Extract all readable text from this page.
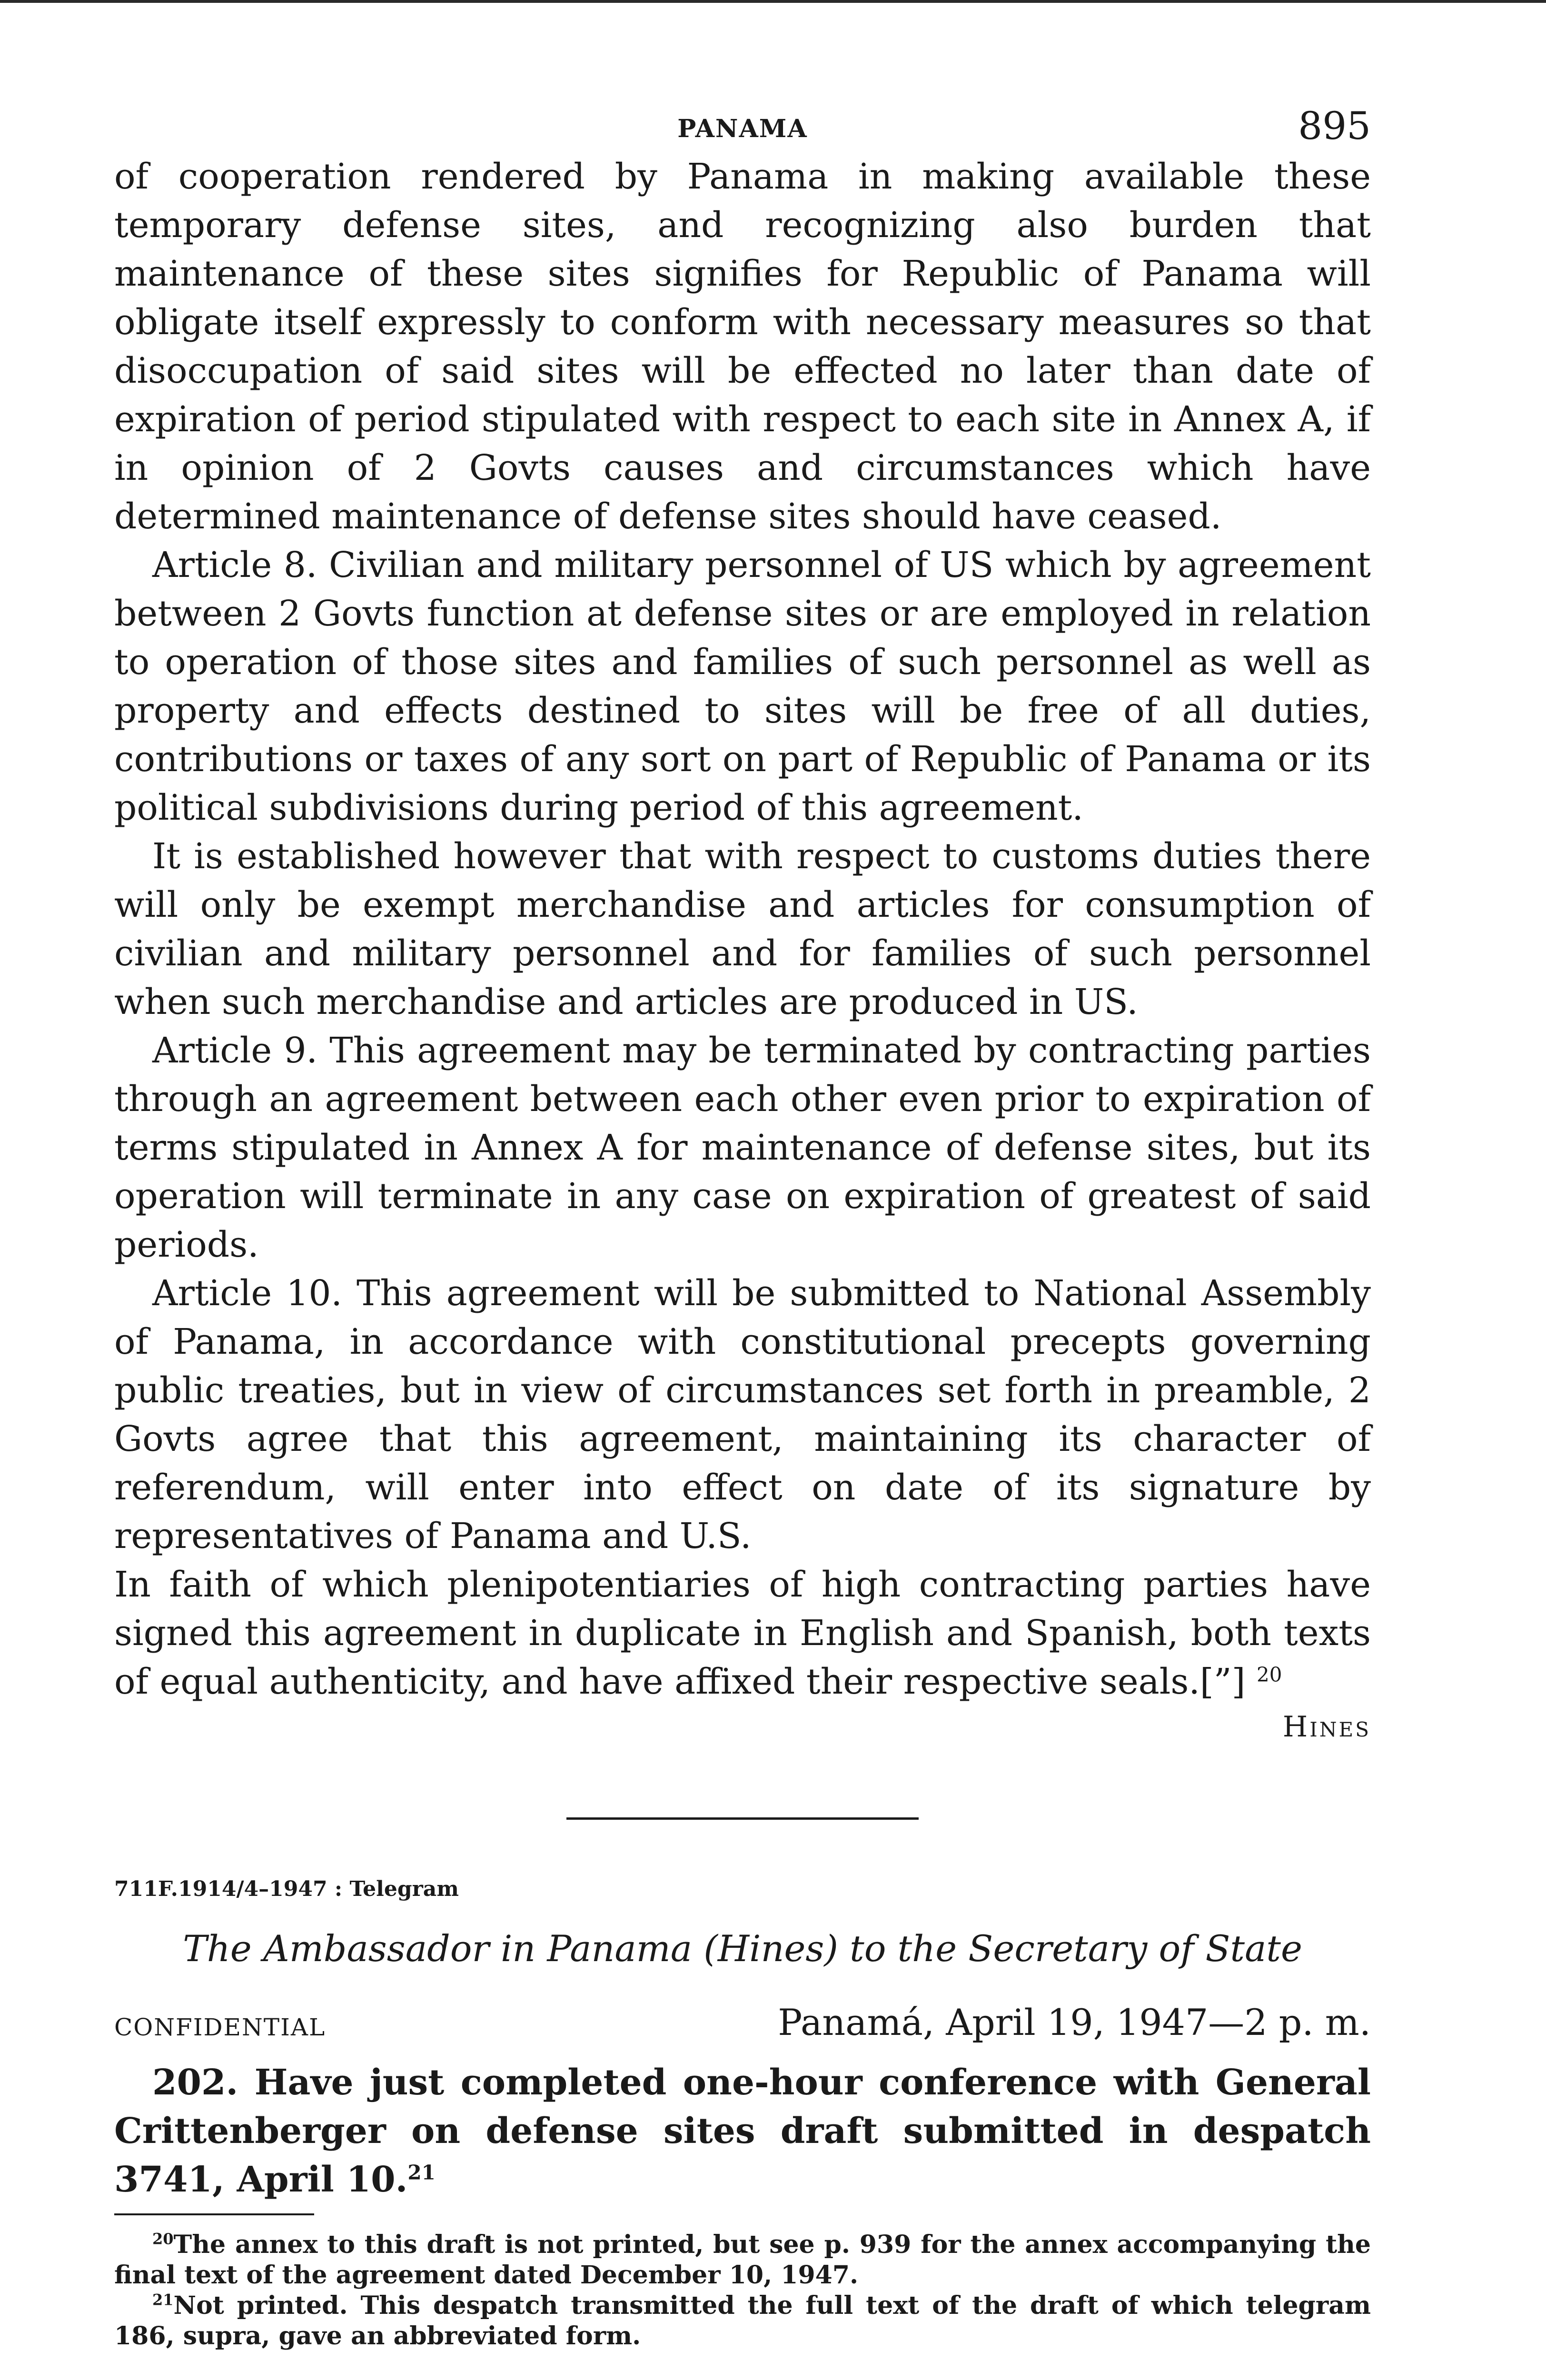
PANAMA	895

of cooperation rendered by Panama in making available these temporary defense sites, and recognizing also burden that maintenance of these sites signifies for Republic of Panama will obligate itself expressly to conform with necessary measures so that disoccupation of said sites will be effected no later than date of expiration of period stipulated with respect to each site in Annex A, if in opinion of 2 Govts causes and circumstances which have determined maintenance of defense sites should have ceased.

Article 8. Civilian and military personnel of US which by agreement between 2 Govts function at defense sites or are employed in relation to operation of those sites and families of such personnel as well as property and effects destined to sites will be free of all duties, contributions or taxes of any sort on part of Republic of Panama or its political subdivisions during period of this agreement.

It is established however that with respect to customs duties there will only be exempt merchandise and articles for consumption of civilian and military personnel and for families of such personnel when such merchandise and articles are produced in US.

Article 9. This agreement may be terminated by contracting parties through an agreement between each other even prior to expiration of terms stipulated in Annex A for maintenance of defense sites, but its operation will terminate in any case on expiration of greatest of said periods.

Article 10. This agreement will be submitted to National Assembly of Panama, in accordance with constitutional precepts governing public treaties, but in view of circumstances set forth in preamble, 2 Govts agree that this agreement, maintaining its character of referendum, will enter into effect on date of its signature by representatives of Panama and U.S.

In faith of which plenipotentiaries of high contracting parties have signed this agreement in duplicate in English and Spanish, both texts of equal authenticity, and have affixed their respective seals.[”] $^{20}$

Hines

711F.1914/4–1947 : Telegram

The Ambassador in Panama (Hines) to the Secretary of State

CONFIDENTIAL	Panamá, April 19, 1947—2 p. m.

202. Have just completed one-hour conference with General Crittenberger on defense sites draft submitted in despatch 3741, April 10.21

$^{20}$The annex to this draft is not printed, but see p. 939 for the annex accompanying the final text of the agreement dated December 10, 1947.

$^{21}$Not printed. This despatch transmitted the full text of the draft of which telegram 186, supra, gave an abbreviated form.
